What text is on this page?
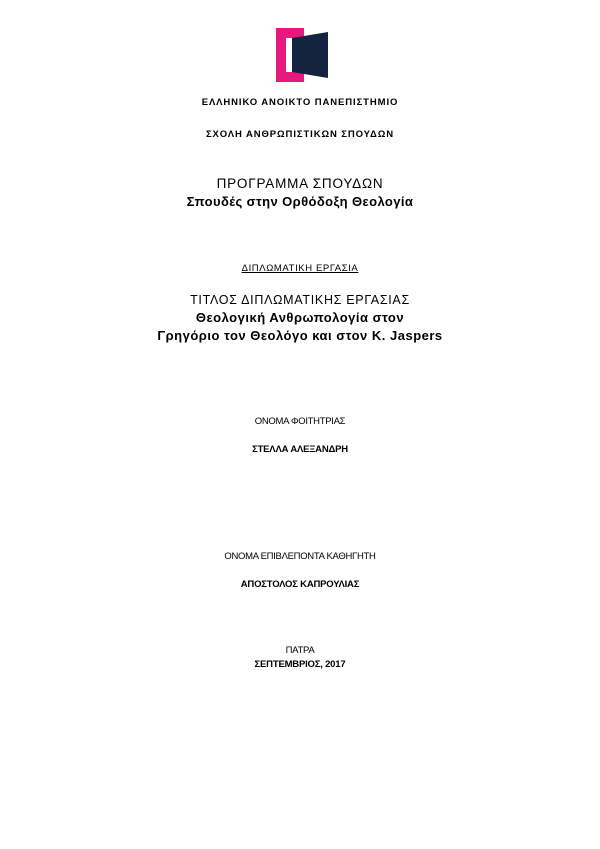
ΕΛΛΗΝΙΚΟ ΑΝΟΙΚΤΟ ΠΑΝΕΠΙΣΤΗΜΙΟ
ΣΧΟΛΗ ΑΝΘΡΩΠΙΣΤΙΚΩΝ ΣΠΟΥΔΩΝ
ΠΡΟΓΡΑΜΜΑ ΣΠΟΥΔΩΝ
Σπουδές στην Ορθόδοξη Θεολογία
ΔΙΠΛΩΜΑΤΙΚΗ ΕΡΓΑΣΙΑ
ΤΙΤΛΟΣ ΔΙΠΛΩΜΑΤΙΚΗΣ ΕΡΓΑΣΙΑΣ
Θεολογική Ανθρωπολογία στον
Γρηγόριο τον Θεολόγο και στον Κ. Jaspers
ΟΝΟΜΑ ΦΟΙΤΗΤΡΙΑΣ
ΣΤΕΛΛΑ ΑΛΕΞΑΝΔΡΗ
ΟΝΟΜΑ ΕΠΙΒΛΕΠΟΝΤΑ ΚΑΘΗΓΗΤΗ
ΑΠΟΣΤΟΛΟΣ ΚΑΠΡΟΥΛΙΑΣ
ΠΑΤΡΑ
ΣΕΠΤΕΜΒΡΙΟΣ, 2017
